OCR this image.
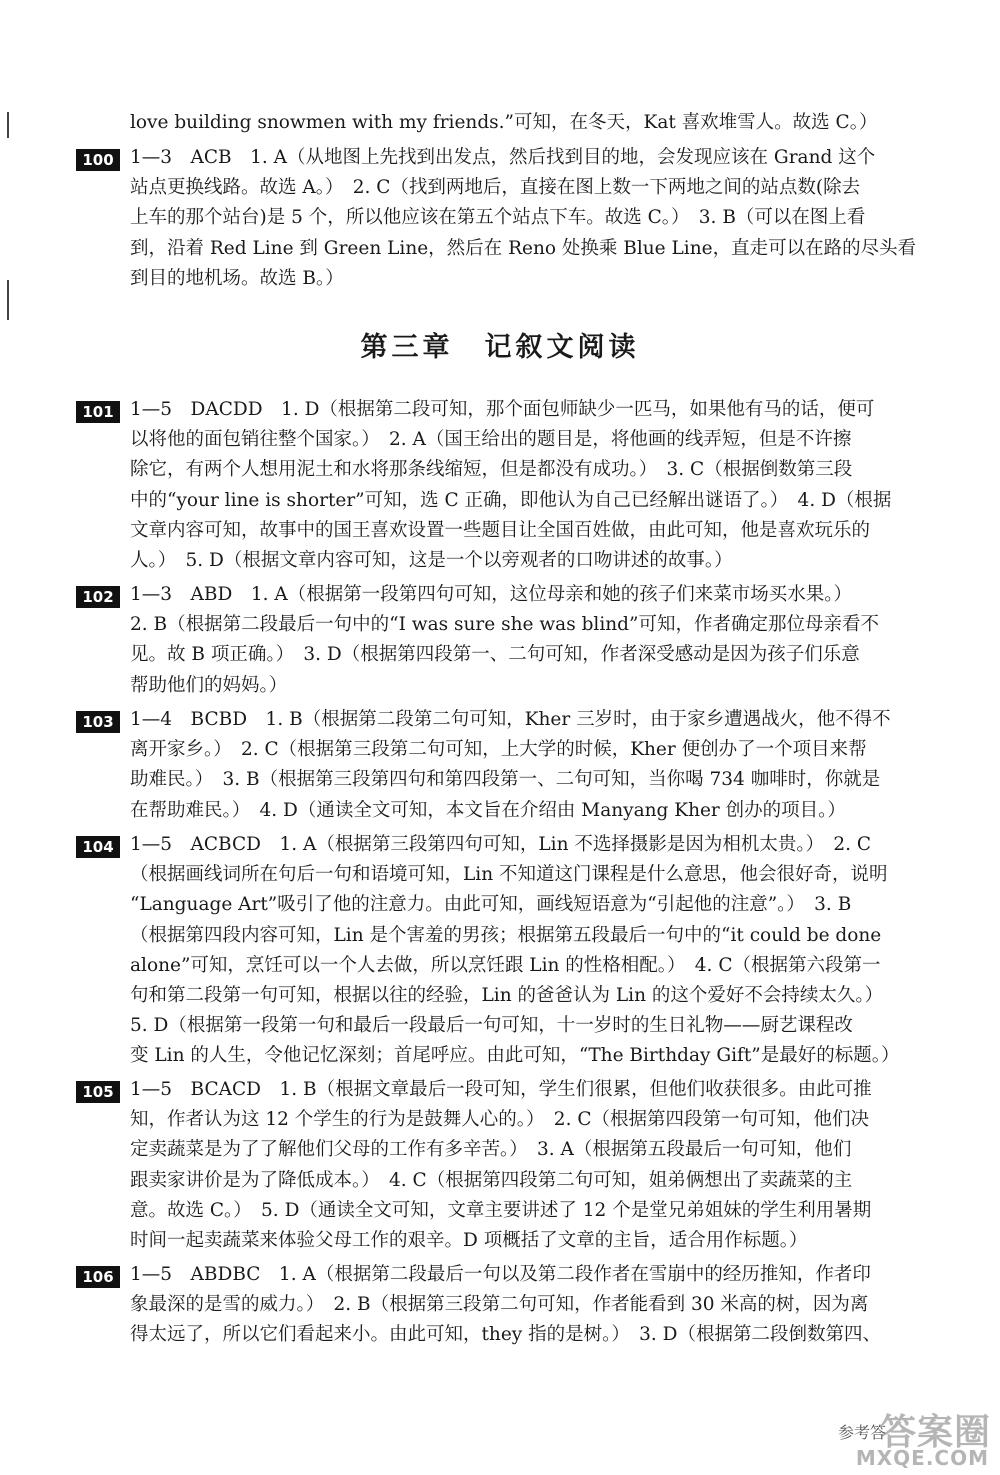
love building snowmen with my friends.”可知，在冬天，Kat 喜欢堆雪人。故选 C。）
100 1—3　ACB　1. A（从地图上先找到出发点，然后找到目的地，会发现应该在 Grand 这个
站点更换线路。故选 A。）　2. C（找到两地后，直接在图上数一下两地之间的站点数(除去
上车的那个站台)是 5 个，所以他应该在第五个站点下车。故选 C。）　3. B（可以在图上看
到，沿着 Red Line 到 Green Line，然后在 Reno 处换乘 Blue Line，直走可以在路的尽头看
到目的地机场。故选 B。）
第三章　记叙文阅读
101 1—5　DACDD　1. D（根据第二段可知，那个面包师缺少一匹马，如果他有马的话，便可
以将他的面包销往整个国家。）　2. A（国王给出的题目是，将他画的线弄短，但是不许擦
除它，有两个人想用泥土和水将那条线缩短，但是都没有成功。）　3. C（根据倒数第三段
中的“your line is shorter”可知，选 C 正确，即他认为自己已经解出谜语了。）　4. D（根据
文章内容可知，故事中的国王喜欢设置一些题目让全国百姓做，由此可知，他是喜欢玩乐的
人。）　5. D（根据文章内容可知，这是一个以旁观者的口吻讲述的故事。）
102 1—3　ABD　1. A（根据第一段第四句可知，这位母亲和她的孩子们来菜市场买水果。）
2. B（根据第二段最后一句中的“I was sure she was blind”可知，作者确定那位母亲看不
见。故 B 项正确。）　3. D（根据第四段第一、二句可知，作者深受感动是因为孩子们乐意
帮助他们的妈妈。）
103 1—4　BCBD　1. B（根据第二段第二句可知，Kher 三岁时，由于家乡遭遇战火，他不得不
离开家乡。）　2. C（根据第三段第二句可知，上大学的时候，Kher 便创办了一个项目来帮
助难民。）　3. B（根据第三段第四句和第四段第一、二句可知，当你喝 734 咖啡时，你就是
在帮助难民。）　4. D（通读全文可知，本文旨在介绍由 Manyang Kher 创办的项目。）
104 1—5　ACBCD　1. A（根据第三段第四句可知，Lin 不选择摄影是因为相机太贵。）　2. C
（根据画线词所在句后一句和语境可知，Lin 不知道这门课程是什么意思，他会很好奇，说明
“Language Art”吸引了他的注意力。由此可知，画线短语意为“引起他的注意”。）　3. B
（根据第四段内容可知，Lin 是个害羞的男孩；根据第五段最后一句中的“it could be done
alone”可知，烹饪可以一个人去做，所以烹饪跟 Lin 的性格相配。）　4. C（根据第六段第一
句和第二段第一句可知，根据以往的经验，Lin 的爸爸认为 Lin 的这个爱好不会持续太久。）
5. D（根据第一段第一句和最后一段最后一句可知，十一岁时的生日礼物——厨艺课程改
变 Lin 的人生，令他记忆深刻；首尾呼应。由此可知，“The Birthday Gift”是最好的标题。）
105 1—5　BCACD　1. B（根据文章最后一段可知，学生们很累，但他们收获很多。由此可推
知，作者认为这 12 个学生的行为是鼓舞人心的。）　2. C（根据第四段第一句可知，他们决
定卖蔬菜是为了了解他们父母的工作有多辛苦。）　3. A（根据第五段最后一句可知，他们
跟卖家讲价是为了降低成本。）　4. C（根据第四段第二句可知，姐弟俩想出了卖蔬菜的主
意。故选 C。）　5. D（通读全文可知，文章主要讲述了 12 个是堂兄弟姐妹的学生利用暑期
时间一起卖蔬菜来体验父母工作的艰辛。D 项概括了文章的主旨，适合用作标题。）
106 1—5　ABDBC　1. A（根据第二段最后一句以及第二段作者在雪崩中的经历推知，作者印
象最深的是雪的威力。）　2. B（根据第三段第二句可知，作者能看到 30 米高的树，因为离
得太远了，所以它们看起来小。由此可知，they 指的是树。）　3. D（根据第二段倒数第四、
参考答
答案圈
MXQE.COM
